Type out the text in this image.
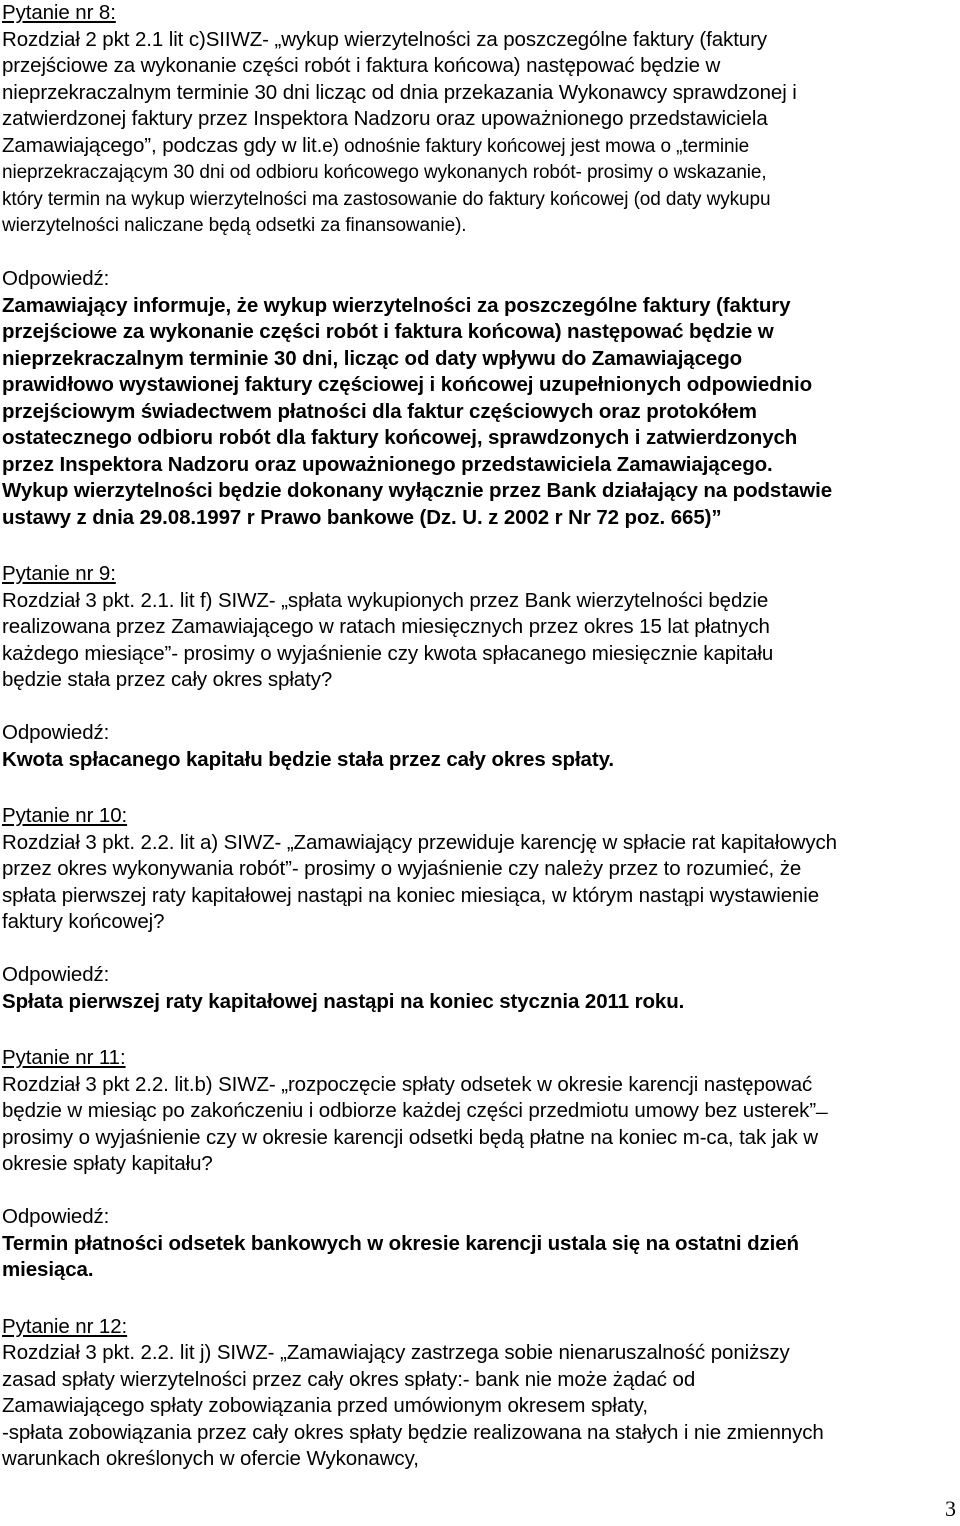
Pytanie nr 8:
Rozdział 2 pkt 2.1 lit c)SIIWZ- „wykup wierzytelności za poszczególne faktury (faktury
przejściowe za wykonanie części robót i faktura końcowa) następować będzie w
nieprzekraczalnym terminie 30 dni licząc od dnia przekazania Wykonawcy sprawdzonej i
zatwierdzonej faktury przez Inspektora Nadzoru oraz upoważnionego przedstawiciela
Zamawiającego”, podczas gdy w lit.e) odnośnie faktury końcowej jest mowa o „terminie
nieprzekraczającym 30 dni od odbioru końcowego wykonanych robót- prosimy o wskazanie,
który termin na wykup wierzytelności ma zastosowanie do faktury końcowej (od daty wykupu
wierzytelności naliczane będą odsetki za finansowanie).
Odpowiedź:
Zamawiający informuje, że wykup wierzytelności za poszczególne faktury (faktury
przejściowe za wykonanie części robót i faktura końcowa) następować będzie w
nieprzekraczalnym terminie 30 dni, licząc od daty wpływu do Zamawiającego
prawidłowo wystawionej faktury częściowej i końcowej uzupełnionych odpowiednio
przejściowym świadectwem płatności dla faktur częściowych oraz protokółem
ostatecznego odbioru robót dla faktury końcowej, sprawdzonych i zatwierdzonych
przez Inspektora Nadzoru oraz upoważnionego przedstawiciela Zamawiającego.
Wykup wierzytelności będzie dokonany wyłącznie przez Bank działający na podstawie
ustawy z dnia 29.08.1997 r Prawo bankowe (Dz. U. z 2002 r Nr 72 poz. 665)”
Pytanie nr 9:
Rozdział 3 pkt. 2.1. lit f) SIWZ- „spłata wykupionych przez Bank wierzytelności będzie
realizowana przez Zamawiającego w ratach miesięcznych przez okres 15 lat płatnych
każdego miesiące”- prosimy o wyjaśnienie czy kwota spłacanego miesięcznie kapitału
będzie stała przez cały okres spłaty?
Odpowiedź:
Kwota spłacanego kapitału będzie stała przez cały okres spłaty.
Pytanie nr 10:
Rozdział 3 pkt. 2.2. lit a) SIWZ- „Zamawiający przewiduje karencję w spłacie rat kapitałowych
przez okres wykonywania robót”- prosimy o wyjaśnienie czy należy przez to rozumieć, że
spłata pierwszej raty kapitałowej nastąpi na koniec miesiąca, w którym nastąpi wystawienie
faktury końcowej?
Odpowiedź:
Spłata pierwszej raty kapitałowej nastąpi na koniec stycznia 2011 roku.
Pytanie nr 11:
Rozdział 3 pkt 2.2. lit.b) SIWZ- „rozpoczęcie spłaty odsetek w okresie karencji następować
będzie w miesiąc po zakończeniu i odbiorze każdej części przedmiotu umowy bez usterek” ̶
prosimy o wyjaśnienie czy w okresie karencji odsetki będą płatne na koniec m-ca, tak jak w
okresie spłaty kapitału?
Odpowiedź:
Termin płatności odsetek bankowych w okresie karencji ustala się na ostatni dzień
miesiąca.
Pytanie nr 12:
Rozdział 3 pkt. 2.2. lit j) SIWZ- „Zamawiający zastrzega sobie nienaruszalność poniższy
zasad spłaty wierzytelności przez cały okres spłaty:- bank nie może żądać od
Zamawiającego spłaty zobowiązania przed umówionym okresem spłaty,
-spłata zobowiązania przez cały okres spłaty będzie realizowana na stałych i nie zmiennych
warunkach określonych w ofercie Wykonawcy,
3
